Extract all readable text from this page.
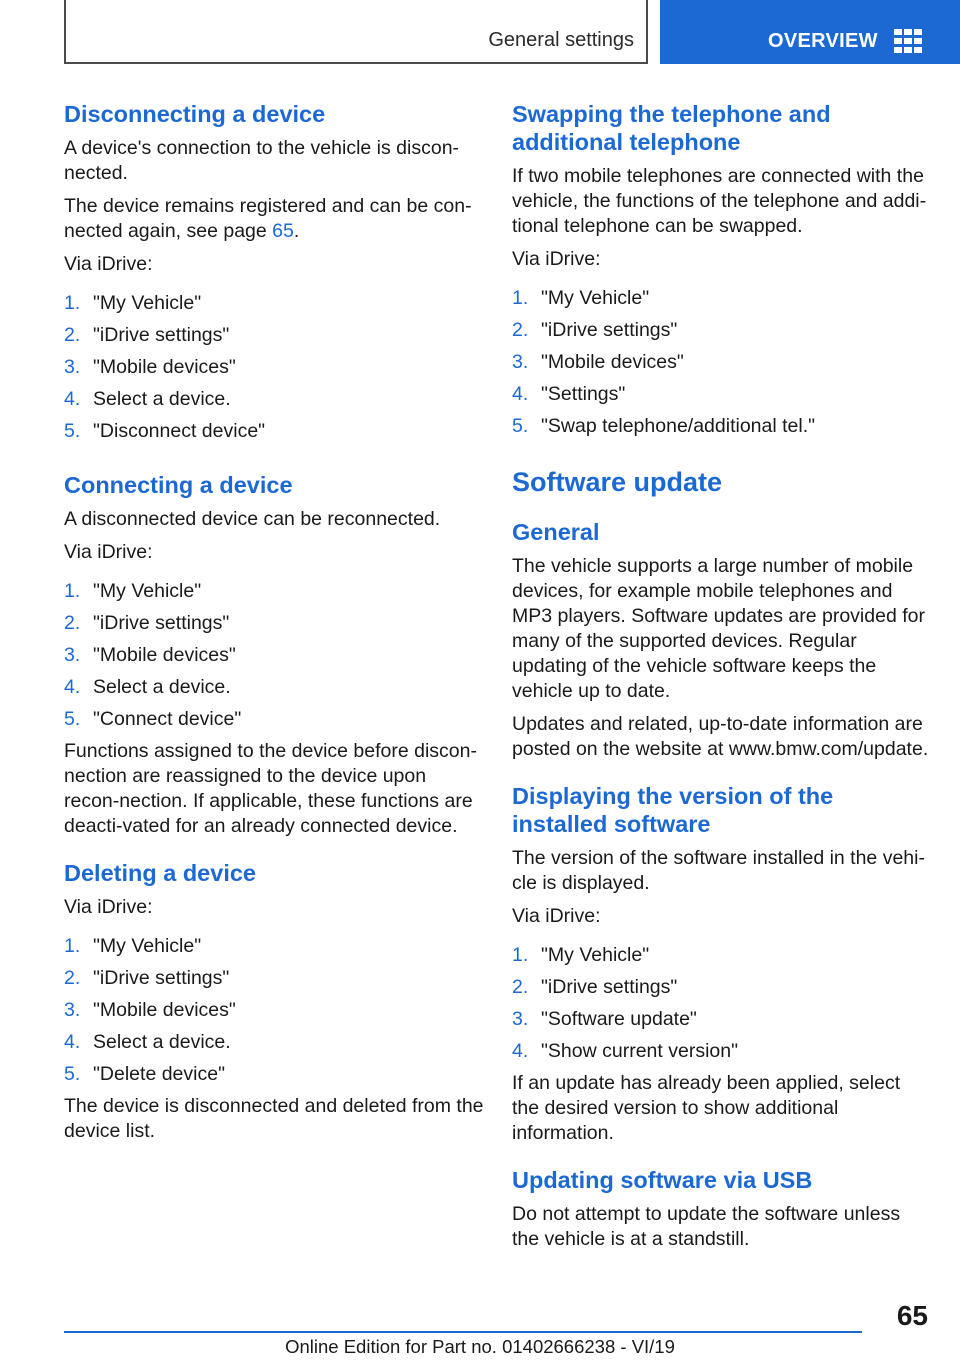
General settings	OVERVIEW
Disconnecting a device

A device's connection to the vehicle is discon-nected.

The device remains registered and can be con-nected again, see page 65.

Via iDrive:

1. "My Vehicle"
2. "iDrive settings"
3. "Mobile devices"
4. Select a device.
5. "Disconnect device"
Connecting a device

A disconnected device can be reconnected.

Via iDrive:

1. "My Vehicle"
2. "iDrive settings"
3. "Mobile devices"
4. Select a device.
5. "Connect device"

Functions assigned to the device before discon-nection are reassigned to the device upon recon-nection. If applicable, these functions are deacti-vated for an already connected device.

Deleting a device

Via iDrive:

1. "My Vehicle"
2. "iDrive settings"
3. "Mobile devices"
4. Select a device.
5. "Delete device"

The device is disconnected and deleted from the device list.

Swapping the telephone and additional telephone

If two mobile telephones are connected with the vehicle, the functions of the telephone and addi-tional telephone can be swapped.

Via iDrive:

1. "My Vehicle"
2. "iDrive settings"
3. "Mobile devices"
4. "Settings"
5. "Swap telephone/additional tel."
Software update
General

The vehicle supports a large number of mobile devices, for example mobile telephones and MP3 players. Software updates are provided for many of the supported devices. Regular updating of the vehicle software keeps the vehicle up to date.

Updates and related, up-to-date information are posted on the website at www.bmw.com/update.

Displaying the version of the installed software

The version of the software installed in the vehi-cle is displayed.

Via iDrive:

1. "My Vehicle"
2. "iDrive settings"
3. "Software update"
4. "Show current version"

If an update has already been applied, select the desired version to show additional information.

Updating software via USB

Do not attempt to update the software unless the vehicle is at a standstill.

65
Online Edition for Part no. 01402666238 - VI/19
